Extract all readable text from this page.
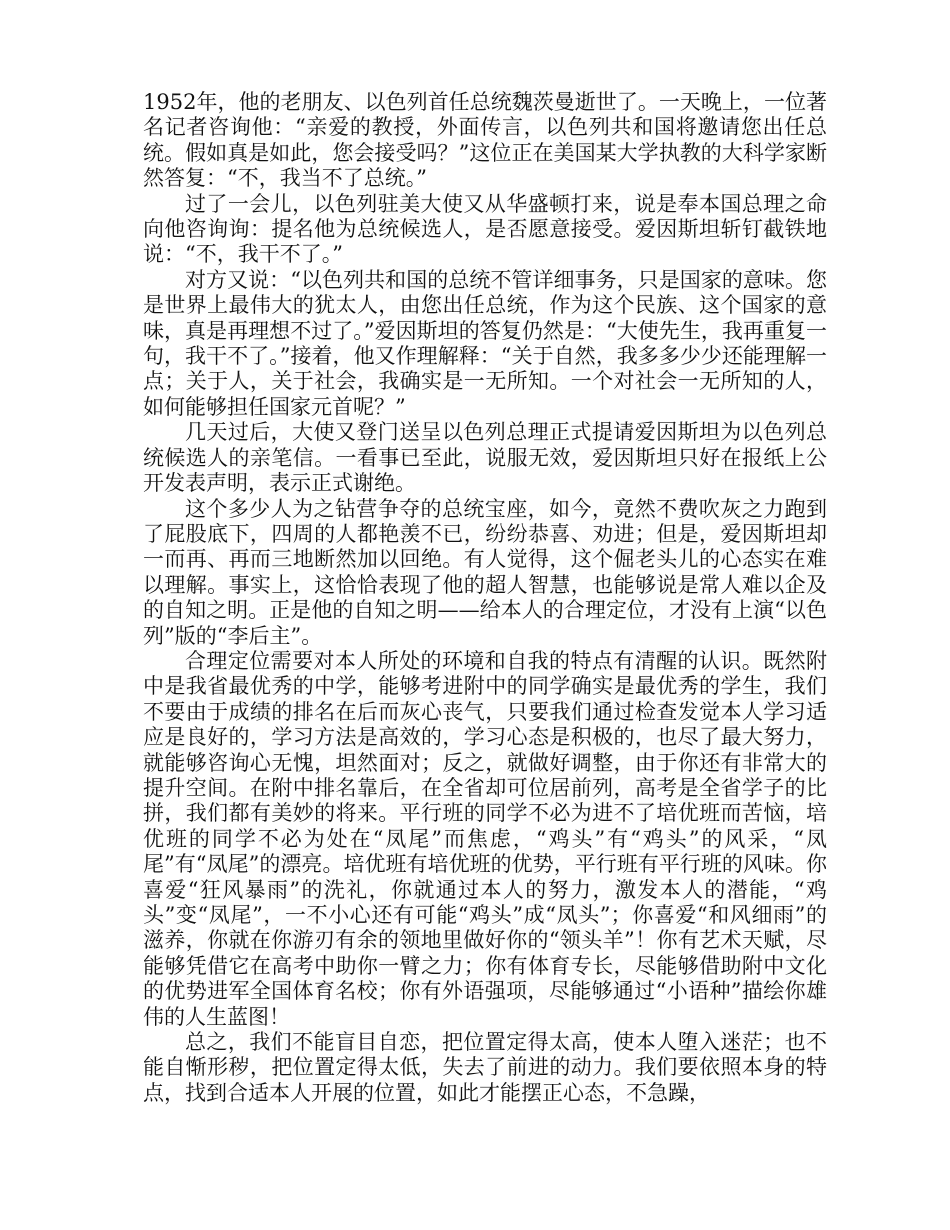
1952年，他的老朋友、以色列首任总统魏茨曼逝世了。一天晚上，一位著名记者咨询他：“亲爱的教授，外面传言，以色列共和国将邀请您出任总统。假如真是如此，您会接受吗？”这位正在美国某大学执教的大科学家断然答复：“不，我当不了总统。”

过了一会儿，以色列驻美大使又从华盛顿打来，说是奉本国总理之命向他咨询询：提名他为总统候选人，是否愿意接受。爱因斯坦斩钉截铁地说：“不，我干不了。”

对方又说：“以色列共和国的总统不管详细事务，只是国家的意味。您是世界上最伟大的犹太人，由您出任总统，作为这个民族、这个国家的意味，真是再理想不过了。”爱因斯坦的答复仍然是：“大使先生，我再重复一句，我干不了。”接着，他又作理解释：“关于自然，我多多少少还能理解一点；关于人，关于社会，我确实是一无所知。一个对社会一无所知的人，如何能够担任国家元首呢？”

几天过后，大使又登门送呈以色列总理正式提请爱因斯坦为以色列总统候选人的亲笔信。一看事已至此，说服无效，爱因斯坦只好在报纸上公开发表声明，表示正式谢绝。

这个多少人为之钻营争夺的总统宝座，如今，竟然不费吹灰之力跑到了屁股底下，四周的人都艳羡不已，纷纷恭喜、劝进；但是，爱因斯坦却一而再、再而三地断然加以回绝。有人觉得，这个倔老头儿的心态实在难以理解。事实上，这恰恰表现了他的超人智慧，也能够说是常人难以企及的自知之明。正是他的自知之明——给本人的合理定位，才没有上演“以色列”版的“李后主”。

合理定位需要对本人所处的环境和自我的特点有清醒的认识。既然附中是我省最优秀的中学，能够考进附中的同学确实是最优秀的学生，我们不要由于成绩的排名在后而灰心丧气，只要我们通过检查发觉本人学习适应是良好的，学习方法是高效的，学习心态是积极的，也尽了最大努力，就能够咨询心无愧，坦然面对；反之，就做好调整，由于你还有非常大的提升空间。在附中排名靠后，在全省却可位居前列，高考是全省学子的比拼，我们都有美妙的将来。平行班的同学不必为进不了培优班而苦恼，培优班的同学不必为处在“凤尾”而焦虑，“鸡头”有“鸡头”的风采，“凤尾”有“凤尾”的漂亮。培优班有培优班的优势，平行班有平行班的风味。你喜爱“狂风暴雨”的洗礼，你就通过本人的努力，激发本人的潜能，“鸡头”变“凤尾”，一不小心还有可能“鸡头”成“凤头”；你喜爱“和风细雨”的滋养，你就在你游刃有余的领地里做好你的“领头羊”！你有艺术天赋，尽能够凭借它在高考中助你一臂之力；你有体育专长，尽能够借助附中文化的优势进军全国体育名校；你有外语强项，尽能够通过“小语种”描绘你雄伟的人生蓝图！

总之，我们不能盲目自恋，把位置定得太高，使本人堕入迷茫；也不能自惭形秽，把位置定得太低，失去了前进的动力。我们要依照本身的特点，找到合适本人开展的位置，如此才能摆正心态，不急躁，
